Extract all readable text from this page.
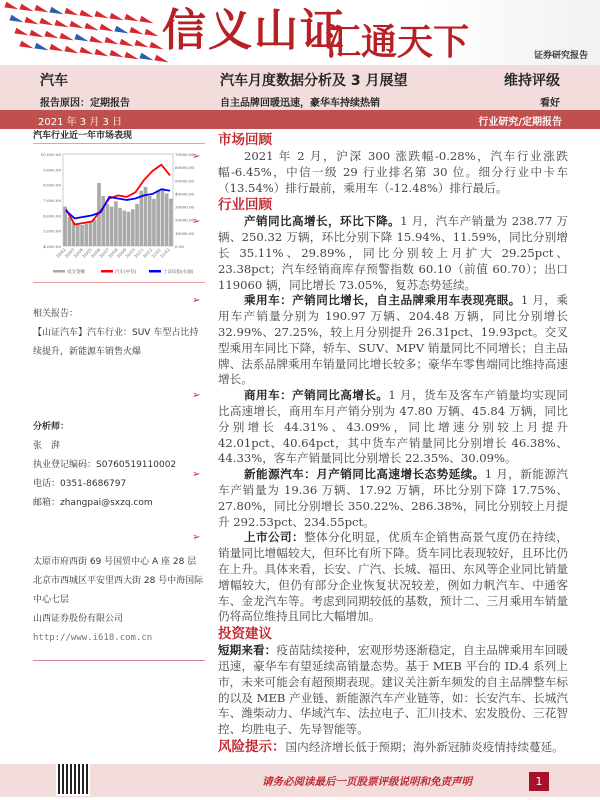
信义山证
汇通天下	证券研究报告
汽车	汽车月度数据分析及 3 月展望	维持评级
报告原因：定期报告	自主品牌回暖迅速，豪华车持续热销	看好
2021 年 3 月 3 日	行业研究/定期报告
汽车行业近一年市场表现
10,000.00
9,000.00
8,000.00
7,000.00
6,000.00
5,000.00
4,000.00
70000.00
60000.00
50000.00
40000.00
30000.00
20000.00
10000.00
0.00
20/02
20/03
20/04
20/05
20/06
20/07
20/08
20/09
20/10
20/11
20/12
21/01
21/02
成交金额	汽车(中信)	上证综指(右轴)
相关报告：
【山证汽车】汽车行业：SUV 车型占比持续提升，新能源车销售火爆
分析师：
张　湃
执业登记编码：S0760519110002
电话：0351-8686797
邮箱：zhangpai@sxzq.com
太原市府西街 69 号国贸中心 A 座 28 层
北京市西城区平安里西大街 28 号中海国际中心七层
山西证券股份有限公司
http://www.i618.com.cn
市场回顾

➢	2021 年 2 月，沪深 300 涨跌幅-0.28%，汽车行业涨跌幅-6.45%，中信一级 29 行业排名第 30 位。细分行业中卡车（13.54%）排行最前，乘用车（-12.48%）排行最后。

行业回顾

➢	产销同比高增长，环比下降。1 月，汽车产销量为 238.77 万辆、250.32 万辆，环比分别下降 15.94%、11.59%，同比分别增长 35.11%、29.89%，同比分别较上月扩大 29.25pct、23.38pct；汽车经销商库存预警指数 60.10（前值 60.70）；出口 119060 辆，同比增长 73.05%，复苏态势延续。

➢	乘用车：产销同比增长，自主品牌乘用车表现亮眼。1 月，乘用车产销量分别为 190.97 万辆、204.48 万辆，同比分别增长 32.99%、27.25%，较上月分别提升 26.31pct、19.93pct。交叉型乘用车同比下降，轿车、SUV、MPV 销量同比不同增长；自主品牌、法系品牌乘用车销量同比增长较多；豪华车零售端同比维持高速增长。

➢	商用车：产销同比高增长。1 月，货车及客车产销量均实现同比高速增长，商用车月产销分别为 47.80 万辆、45.84 万辆，同比分别增长 44.31%、43.09%，同比增速分别较上月提升 42.01pct、40.64pct，其中货车产销量同比分别增长 46.38%、44.33%，客车产销量同比分别增长 22.35%、30.09%。

➢	新能源汽车：月产销同比高速增长态势延续。1 月，新能源汽车产销量为 19.36 万辆、17.92 万辆，环比分别下降 17.75%、27.80%，同比分别增长 350.22%、286.38%，同比分别较上月提升 292.53pct、234.55pct。

➢	上市公司：整体分化明显，优质车企销售高景气度仍在持续，销量同比增幅较大，但环比有所下降。货车同比表现较好，且环比仍在上升。具体来看，长安、广汽、长城、福田、东风等企业同比销量增幅较大，但仍有部分企业恢复状况较差，例如力帆汽车、中通客车、金龙汽车等。考虑到同期较低的基数，预计二、三月乘用车销量仍将高位维持且同比大幅增加。

投资建议

短期来看：疫苗陆续接种，宏观形势逐渐稳定，自主品牌乘用车回暖迅速，豪华车有望延续高销量态势。基于 MEB 平台的 ID.4 系列上市，未来可能会有超预期表现。建议关注新车频发的自主品牌整车标的以及 MEB 产业链、新能源汽车产业链等，如：长安汽车、长城汽车、潍柴动力、华域汽车、法拉电子、汇川技术、宏发股份、三花智控、均胜电子、先导智能等。

风险提示：国内经济增长低于预期；海外新冠肺炎疫情持续蔓延。

请务必阅读最后一页股票评级说明和免责声明	1
